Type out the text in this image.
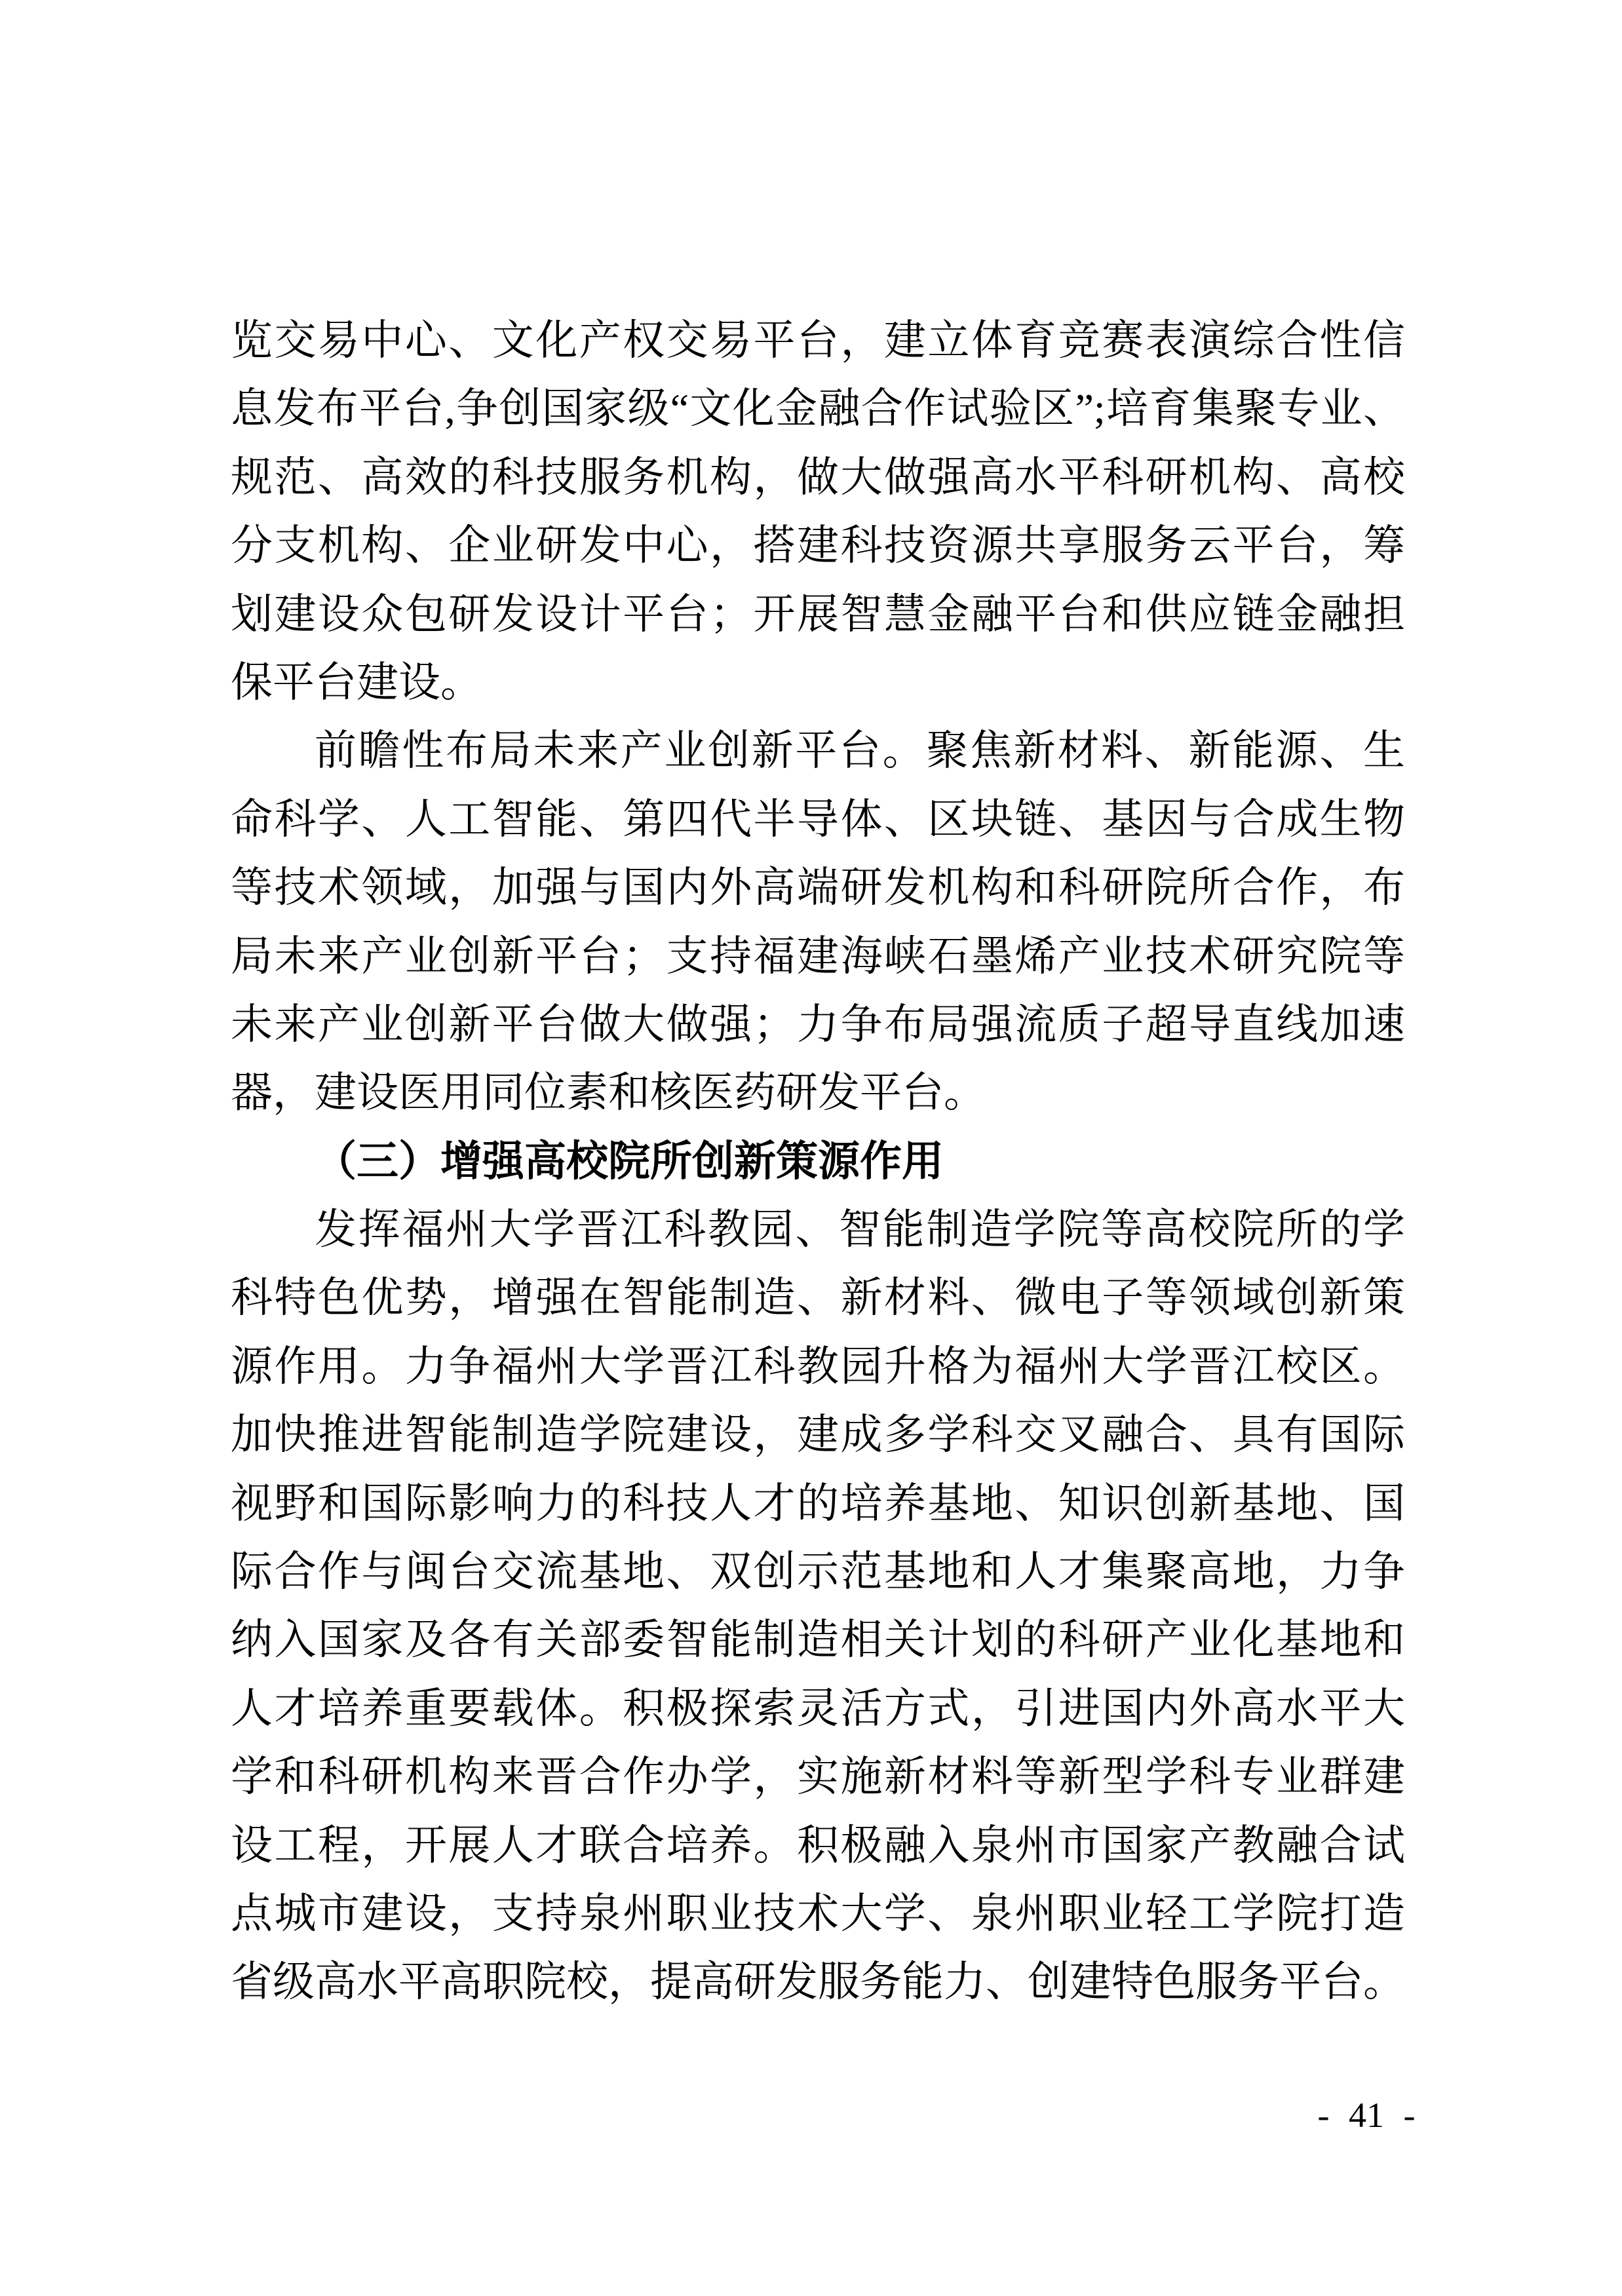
览交易中心、文化产权交易平台，建立体育竞赛表演综合性信
息发布平台,争创国家级“文化金融合作试验区”;培育集聚专业、
规范、高效的科技服务机构，做大做强高水平科研机构、高校
分支机构、企业研发中心，搭建科技资源共享服务云平台，筹
划建设众包研发设计平台；开展智慧金融平台和供应链金融担
保平台建设。
前瞻性布局未来产业创新平台。聚焦新材料、新能源、生
命科学、人工智能、第四代半导体、区块链、基因与合成生物
等技术领域，加强与国内外高端研发机构和科研院所合作，布
局未来产业创新平台；支持福建海峡石墨烯产业技术研究院等
未来产业创新平台做大做强；力争布局强流质子超导直线加速
器，建设医用同位素和核医药研发平台。
（三）增强高校院所创新策源作用
发挥福州大学晋江科教园、智能制造学院等高校院所的学
科特色优势，增强在智能制造、新材料、微电子等领域创新策
源作用。力争福州大学晋江科教园升格为福州大学晋江校区。
加快推进智能制造学院建设，建成多学科交叉融合、具有国际
视野和国际影响力的科技人才的培养基地、知识创新基地、国
际合作与闽台交流基地、双创示范基地和人才集聚高地，力争
纳入国家及各有关部委智能制造相关计划的科研产业化基地和
人才培养重要载体。积极探索灵活方式，引进国内外高水平大
学和科研机构来晋合作办学，实施新材料等新型学科专业群建
设工程，开展人才联合培养。积极融入泉州市国家产教融合试
点城市建设，支持泉州职业技术大学、泉州职业轻工学院打造
省级高水平高职院校，提高研发服务能力、创建特色服务平台。
- 41 -
